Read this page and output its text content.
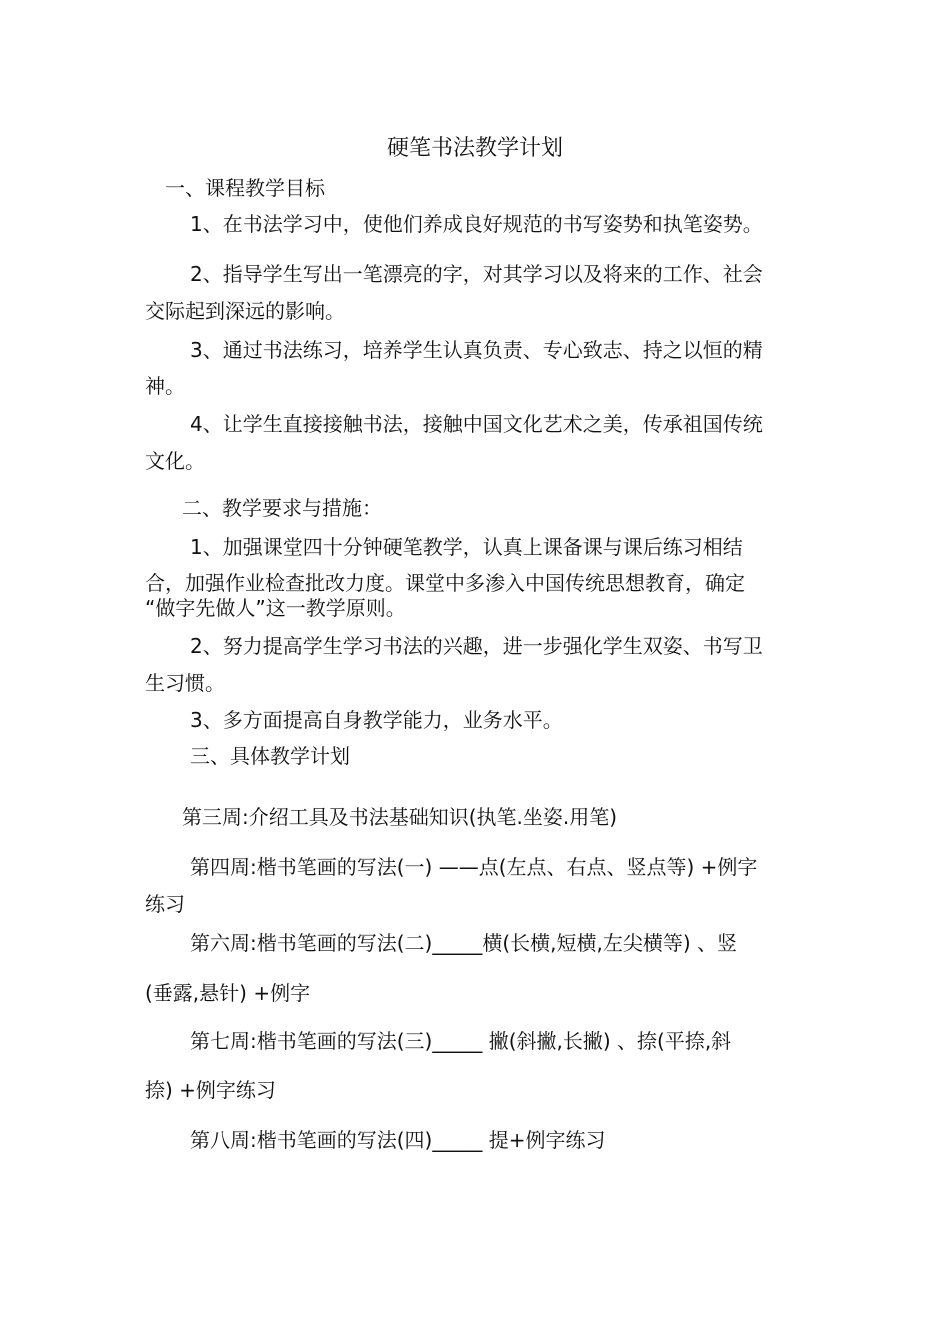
硬笔书法教学计划

一、课程教学目标

1、在书法学习中，使他们养成良好规范的书写姿势和执笔姿势。

2、指导学生写出一笔漂亮的字，对其学习以及将来的工作、社会

交际起到深远的影响。

3、通过书法练习，培养学生认真负责、专心致志、持之以恒的精

神。

4、让学生直接接触书法，接触中国文化艺术之美，传承祖国传统

文化。

二、教学要求与措施：

1、加强课堂四十分钟硬笔教学，认真上课备课与课后练习相结

合，加强作业检查批改力度。课堂中多渗入中国传统思想教育，确定

“做字先做人”这一教学原则。

2、努力提高学生学习书法的兴趣，进一步强化学生双姿、书写卫

生习惯。

3、多方面提高自身教学能力，业务水平。

三、具体教学计划

第三周:介绍工具及书法基础知识(执笔.坐姿.用笔)

第四周:楷书笔画的写法(一) ——点(左点、右点、竖点等) +例字

练习

第六周:楷书笔画的写法(二)_____横(长横,短横,左尖横等) 、竖

(垂露,悬针) +例字

第七周:楷书笔画的写法(三)_____ 撇(斜撇,长撇) 、捺(平捺,斜

捺) +例字练习

第八周:楷书笔画的写法(四)_____ 提+例字练习
